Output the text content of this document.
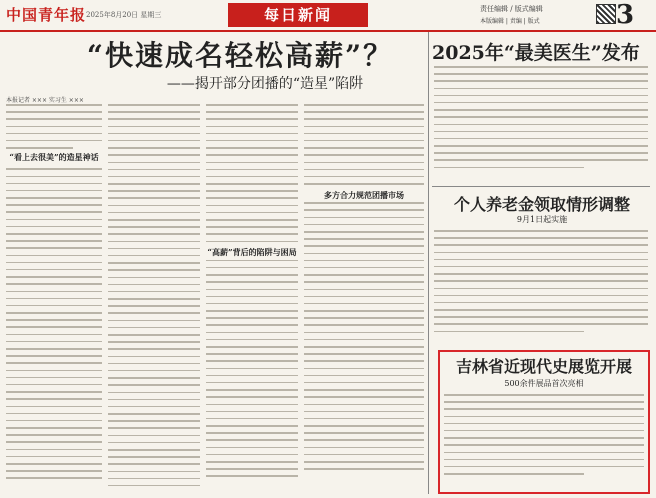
中国青年报 2025年8月20日 星期三	每日新闻	责任编辑 / 版式编辑
本版编辑 | 责编 | 版式	3
“快速成名轻松高薪”？
——揭开部分团播的“造星”陷阱
本报记者 ××× 实习生 ×××
“看上去很美”的造星神话
“高薪”背后的陷阱与困局
多方合力规范团播市场
2025年“最美医生”发布
个人养老金领取情形调整
9月1日起实施
吉林省近现代史展览开展
500余件展品首次亮相
